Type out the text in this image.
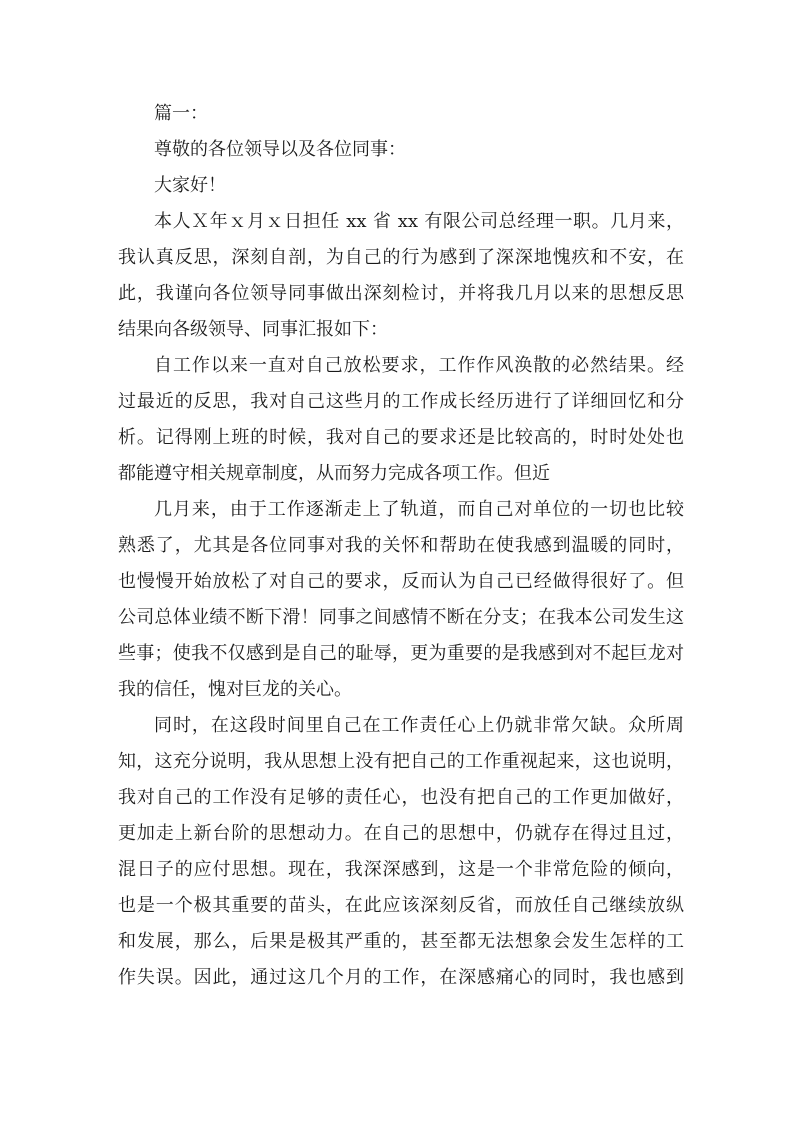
篇一：
尊敬的各位领导以及各位同事：
大家好！
本人Ｘ年ｘ月ｘ日担任 xx 省 xx 有限公司总经理一职。几月来，
我认真反思，深刻自剖，为自己的行为感到了深深地愧疚和不安，在
此，我谨向各位领导同事做出深刻检讨，并将我几月以来的思想反思
结果向各级领导、同事汇报如下：
自工作以来一直对自己放松要求，工作作风涣散的必然结果。经
过最近的反思，我对自己这些月的工作成长经历进行了详细回忆和分
析。记得刚上班的时候，我对自己的要求还是比较高的，时时处处也
都能遵守相关规章制度，从而努力完成各项工作。但近
几月来，由于工作逐渐走上了轨道，而自己对单位的一切也比较
熟悉了，尤其是各位同事对我的关怀和帮助在使我感到温暖的同时，
也慢慢开始放松了对自己的要求，反而认为自己已经做得很好了。但
公司总体业绩不断下滑！同事之间感情不断在分支；在我本公司发生这
些事；使我不仅感到是自己的耻辱，更为重要的是我感到对不起巨龙对
我的信任，愧对巨龙的关心。
同时，在这段时间里自己在工作责任心上仍就非常欠缺。众所周
知，这充分说明，我从思想上没有把自己的工作重视起来，这也说明，
我对自己的工作没有足够的责任心，也没有把自己的工作更加做好，
更加走上新台阶的思想动力。在自己的思想中，仍就存在得过且过，
混日子的应付思想。现在，我深深感到，这是一个非常危险的倾向，
也是一个极其重要的苗头，在此应该深刻反省，而放任自己继续放纵
和发展，那么，后果是极其严重的，甚至都无法想象会发生怎样的工
作失误。因此，通过这几个月的工作，在深感痛心的同时，我也感到
